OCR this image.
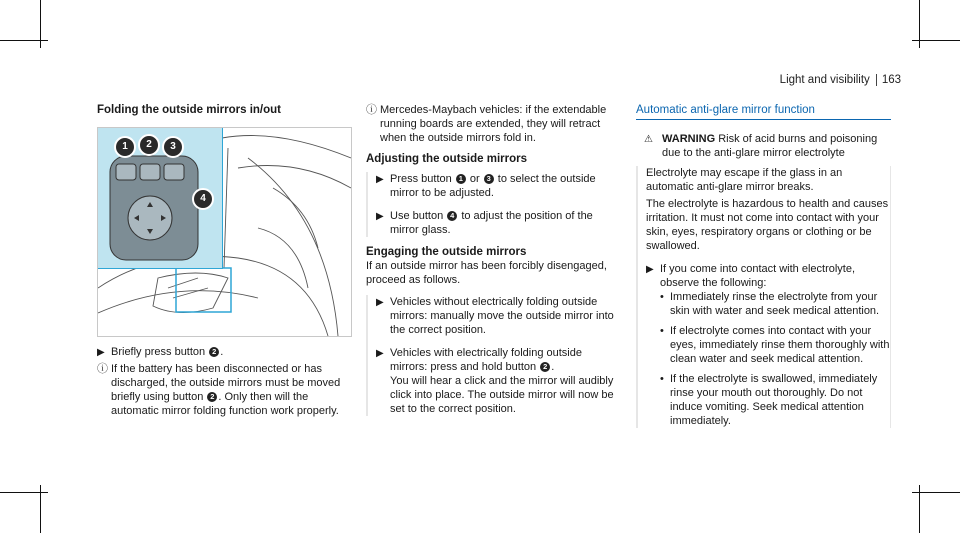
Light and visibility 163

Folding the outside mirrors in/out

1	2	3
4
▶ Briefly press button 2 .

ⓘ If the battery has been disconnected or has discharged, the outside mirrors must be moved briefly using button 2 . Only then will the automatic mirror folding function work properly.

ⓘ Mercedes-Maybach vehicles: if the extendable running boards are extended, they will retract when the outside mirrors fold in.

Adjusting the outside mirrors

▶ Press button 1 or 3 to select the outside mirror to be adjusted.

▶ Use button 4 to adjust the position of the mirror glass.

Engaging the outside mirrors

If an outside mirror has been forcibly disengaged, proceed as follows.

▶ Vehicles without electrically folding outside mirrors: manually move the outside mirror into the correct position.

▶ Vehicles with electrically folding outside mirrors: press and hold button 2 .

You will hear a click and the mirror will audibly click into place. The outside mirror will now be set to the correct position.

Automatic anti-glare mirror function
⚠ WARNING Risk of acid burns and poisoning due to the anti-glare mirror electrolyte

Electrolyte may escape if the glass in an automatic anti-glare mirror breaks.

The electrolyte is hazardous to health and causes irritation. It must not come into contact with your skin, eyes, respiratory organs or clothing or be swallowed.

▶ If you come into contact with electrolyte, observe the following:

• Immediately rinse the electrolyte from your skin with water and seek medical attention.

• If electrolyte comes into contact with your eyes, immediately rinse them thoroughly with clean water and seek medical attention.

• If the electrolyte is swallowed, immediately rinse your mouth out thoroughly. Do not induce vomiting. Seek medical attention immediately.
